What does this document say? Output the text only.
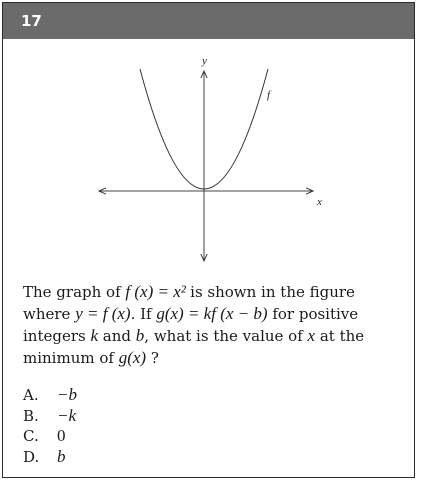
17
y
x
f
The graph of f (x) = x² is shown in the figure
where y = f (x). If g(x) = kf (x − b) for positive
integers k and b, what is the value of x at the
minimum of g(x) ?
A.	−b
B.	−k
C.	0
D.	b
